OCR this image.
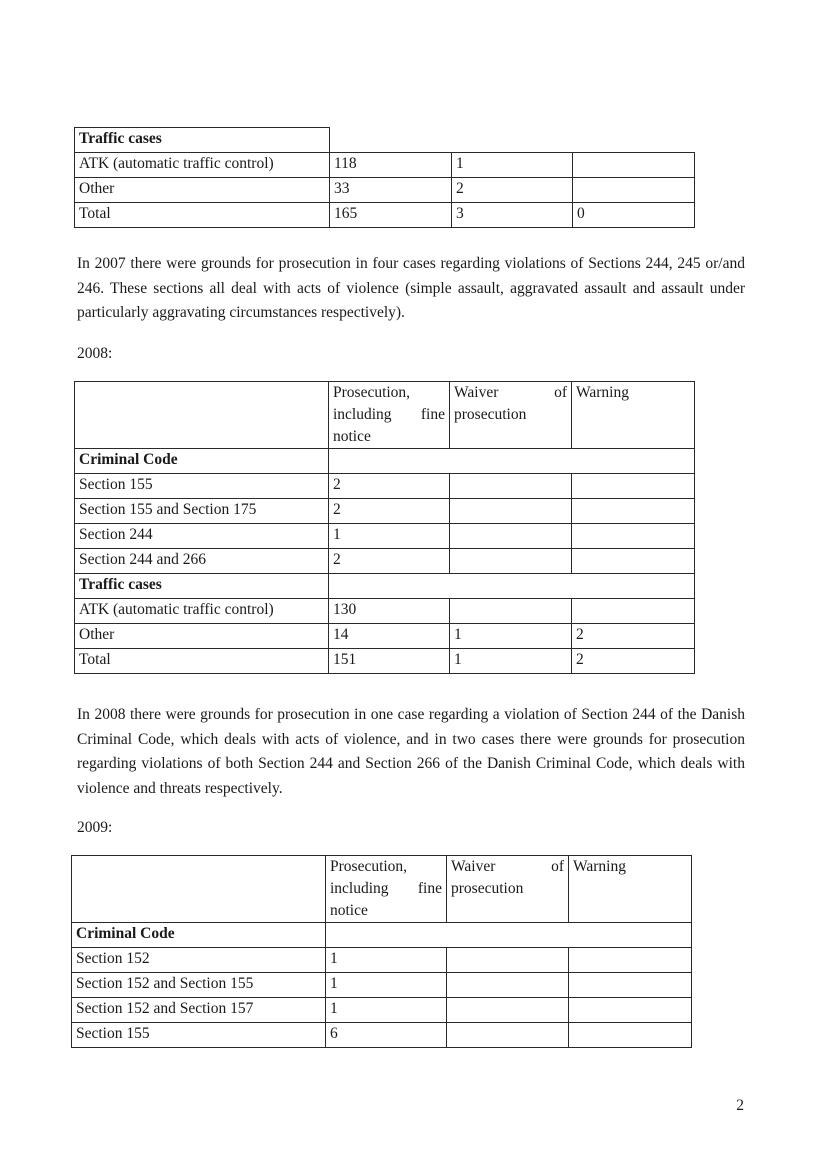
Traffic cases			
ATK (automatic traffic control)	118	1	
Other	33	2	
Total	165	3	0

In 2007 there were grounds for prosecution in four cases regarding violations of Sections 244, 245 or/and 246. These sections all deal with acts of violence (simple assault, aggravated assault and assault under particularly aggravating circumstances respectively).

2008:

	Prosecution,
including fine
notice	Waiver of
prosecution	Warning
Criminal Code			
Section 155	2		
Section 155 and Section 175	2		
Section 244	1		
Section 244 and 266	2		
Traffic cases			
ATK (automatic traffic control)	130		
Other	14	1	2
Total	151	1	2

In 2008 there were grounds for prosecution in one case regarding a violation of Section 244 of the Danish Criminal Code, which deals with acts of violence, and in two cases there were grounds for prosecution regarding violations of both Section 244 and Section 266 of the Danish Criminal Code, which deals with violence and threats respectively.

2009:

	Prosecution,
including fine
notice	Waiver of
prosecution	Warning
Criminal Code			
Section 152	1		
Section 152 and Section 155	1		
Section 152 and Section 157	1		
Section 155	6		
2
